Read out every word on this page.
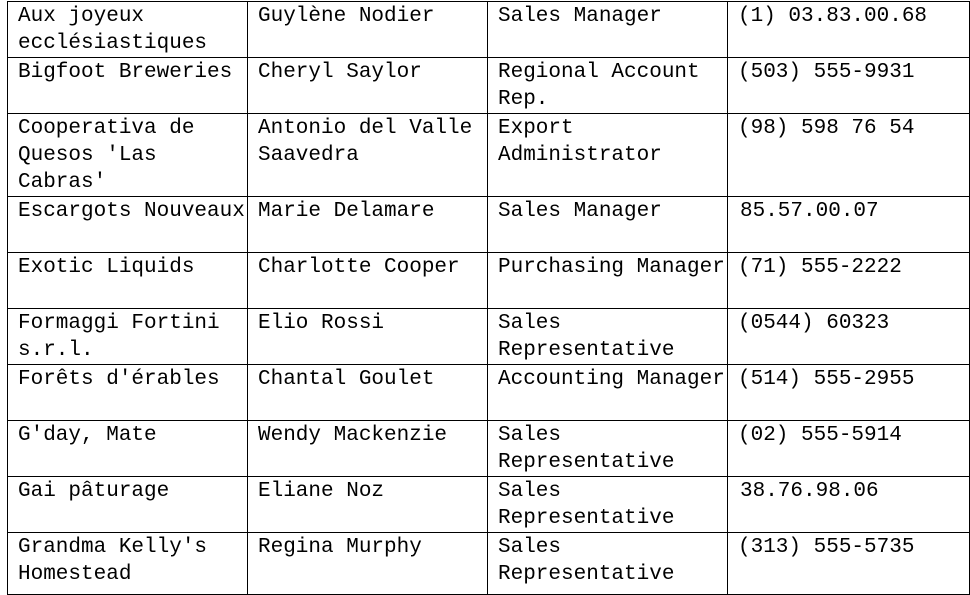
Aux joyeux ecclésiastiques	Guylène Nodier	Sales Manager	(1) 03.83.00.68
Bigfoot Breweries	Cheryl Saylor	Regional Account Rep.	(503) 555-9931
Cooperativa de Quesos 'Las Cabras'	Antonio del Valle Saavedra	Export Administrator	(98) 598 76 54
Escargots Nouveaux	Marie Delamare	Sales Manager	85.57.00.07
Exotic Liquids	Charlotte Cooper	Purchasing Manager	(71) 555-2222
Formaggi Fortini s.r.l.	Elio Rossi	Sales Representative	(0544) 60323
Forêts d'érables	Chantal Goulet	Accounting Manager	(514) 555-2955
G'day, Mate	Wendy Mackenzie	Sales Representative	(02) 555-5914
Gai pâturage	Eliane Noz	Sales Representative	38.76.98.06
Grandma Kelly's Homestead	Regina Murphy	Sales Representative	(313) 555-5735
